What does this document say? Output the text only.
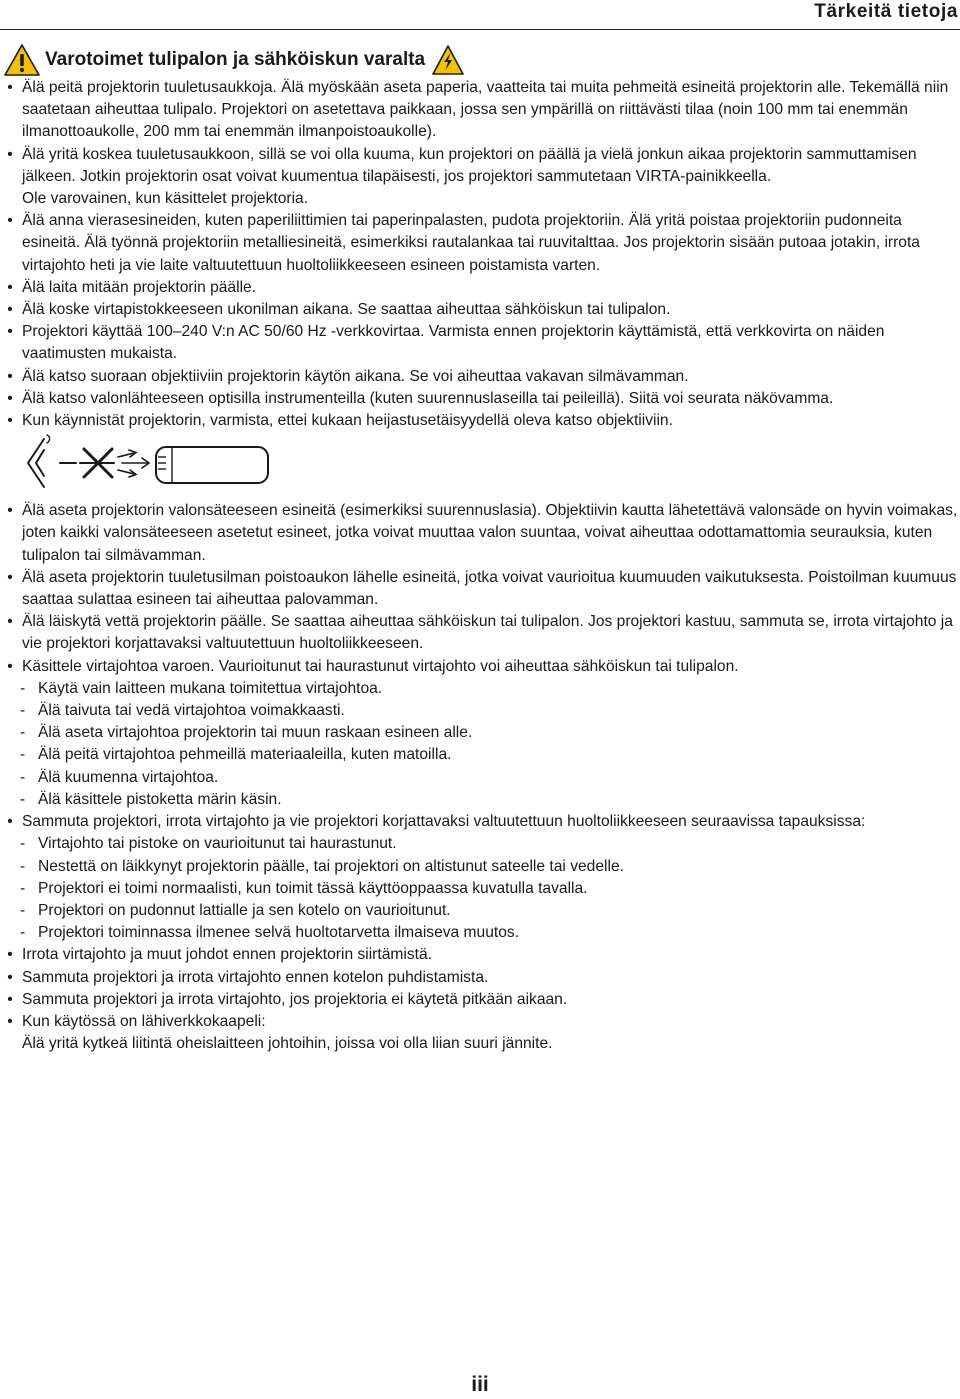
Tärkeitä tietoja
Varotoimet tulipalon ja sähköiskun varalta
• Älä peitä projektorin tuuletusaukkoja. Älä myöskään aseta paperia, vaatteita tai muita pehmeitä esineitä projektorin alle. Tekemällä niin saatetaan aiheuttaa tulipalo. Projektori on asetettava paikkaan, jossa sen ympärillä on riittävästi tilaa (noin 100 mm tai enemmän ilmanottoaukolle, 200 mm tai enemmän ilmanpoistoaukolle).
• Älä yritä koskea tuuletusaukkoon, sillä se voi olla kuuma, kun projektori on päällä ja vielä jonkun aikaa projektorin sammuttamisen jälkeen. Jotkin projektorin osat voivat kuumentua tilapäisesti, jos projektori sammutetaan VIRTA-painikkeella.
Ole varovainen, kun käsittelet projektoria.
• Älä anna vierasesineiden, kuten paperiliittimien tai paperinpalasten, pudota projektoriin. Älä yritä poistaa projektoriin pudonneita esineitä. Älä työnnä projektoriin metalliesineitä, esimerkiksi rautalankaa tai ruuvitalttaa. Jos projektorin sisään putoaa jotakin, irrota virtajohto heti ja vie laite valtuutettuun huoltoliikkeeseen esineen poistamista varten.
• Älä laita mitään projektorin päälle.
• Älä koske virtapistokkeeseen ukonilman aikana. Se saattaa aiheuttaa sähköiskun tai tulipalon.
• Projektori käyttää 100–240 V:n AC 50/60 Hz -verkkovirtaa. Varmista ennen projektorin käyttämistä, että verkkovirta on näiden vaatimusten mukaista.
• Älä katso suoraan objektiiviin projektorin käytön aikana. Se voi aiheuttaa vakavan silmävamman.
• Älä katso valonlähteeseen optisilla instrumenteilla (kuten suurennuslaseilla tai peileillä). Siitä voi seurata näkövamma.
• Kun käynnistät projektorin, varmista, ettei kukaan heijastusetäisyydellä oleva katso objektiiviin.
• Älä aseta projektorin valonsäteeseen esineitä (esimerkiksi suurennuslasia). Objektiivin kautta lähetettävä valonsäde on hyvin voimakas, joten kaikki valonsäteeseen asetetut esineet, jotka voivat muuttaa valon suuntaa, voivat aiheuttaa odottamattomia seurauksia, kuten tulipalon tai silmävamman.
• Älä aseta projektorin tuuletusilman poistoaukon lähelle esineitä, jotka voivat vaurioitua kuumuuden vaikutuksesta. Poistoilman kuumuus saattaa sulattaa esineen tai aiheuttaa palovamman.
• Älä läiskytä vettä projektorin päälle. Se saattaa aiheuttaa sähköiskun tai tulipalon. Jos projektori kastuu, sammuta se, irrota virtajohto ja vie projektori korjattavaksi valtuutettuun huoltoliikkeeseen.
• Käsittele virtajohtoa varoen. Vaurioitunut tai haurastunut virtajohto voi aiheuttaa sähköiskun tai tulipalon.
- Käytä vain laitteen mukana toimitettua virtajohtoa.
- Älä taivuta tai vedä virtajohtoa voimakkaasti.
- Älä aseta virtajohtoa projektorin tai muun raskaan esineen alle.
- Älä peitä virtajohtoa pehmeillä materiaaleilla, kuten matoilla.
- Älä kuumenna virtajohtoa.
- Älä käsittele pistoketta märin käsin.
• Sammuta projektori, irrota virtajohto ja vie projektori korjattavaksi valtuutettuun huoltoliikkeeseen seuraavissa tapauksissa:
- Virtajohto tai pistoke on vaurioitunut tai haurastunut.
- Nestettä on läikkynyt projektorin päälle, tai projektori on altistunut sateelle tai vedelle.
- Projektori ei toimi normaalisti, kun toimit tässä käyttöoppaassa kuvatulla tavalla.
- Projektori on pudonnut lattialle ja sen kotelo on vaurioitunut.
- Projektori toiminnassa ilmenee selvä huoltotarvetta ilmaiseva muutos.
• Irrota virtajohto ja muut johdot ennen projektorin siirtämistä.
• Sammuta projektori ja irrota virtajohto ennen kotelon puhdistamista.
• Sammuta projektori ja irrota virtajohto, jos projektoria ei käytetä pitkään aikaan.
• Kun käytössä on lähiverkkokaapeli:
Älä yritä kytkeä liitintä oheislaitteen johtoihin, joissa voi olla liian suuri jännite.
iii
